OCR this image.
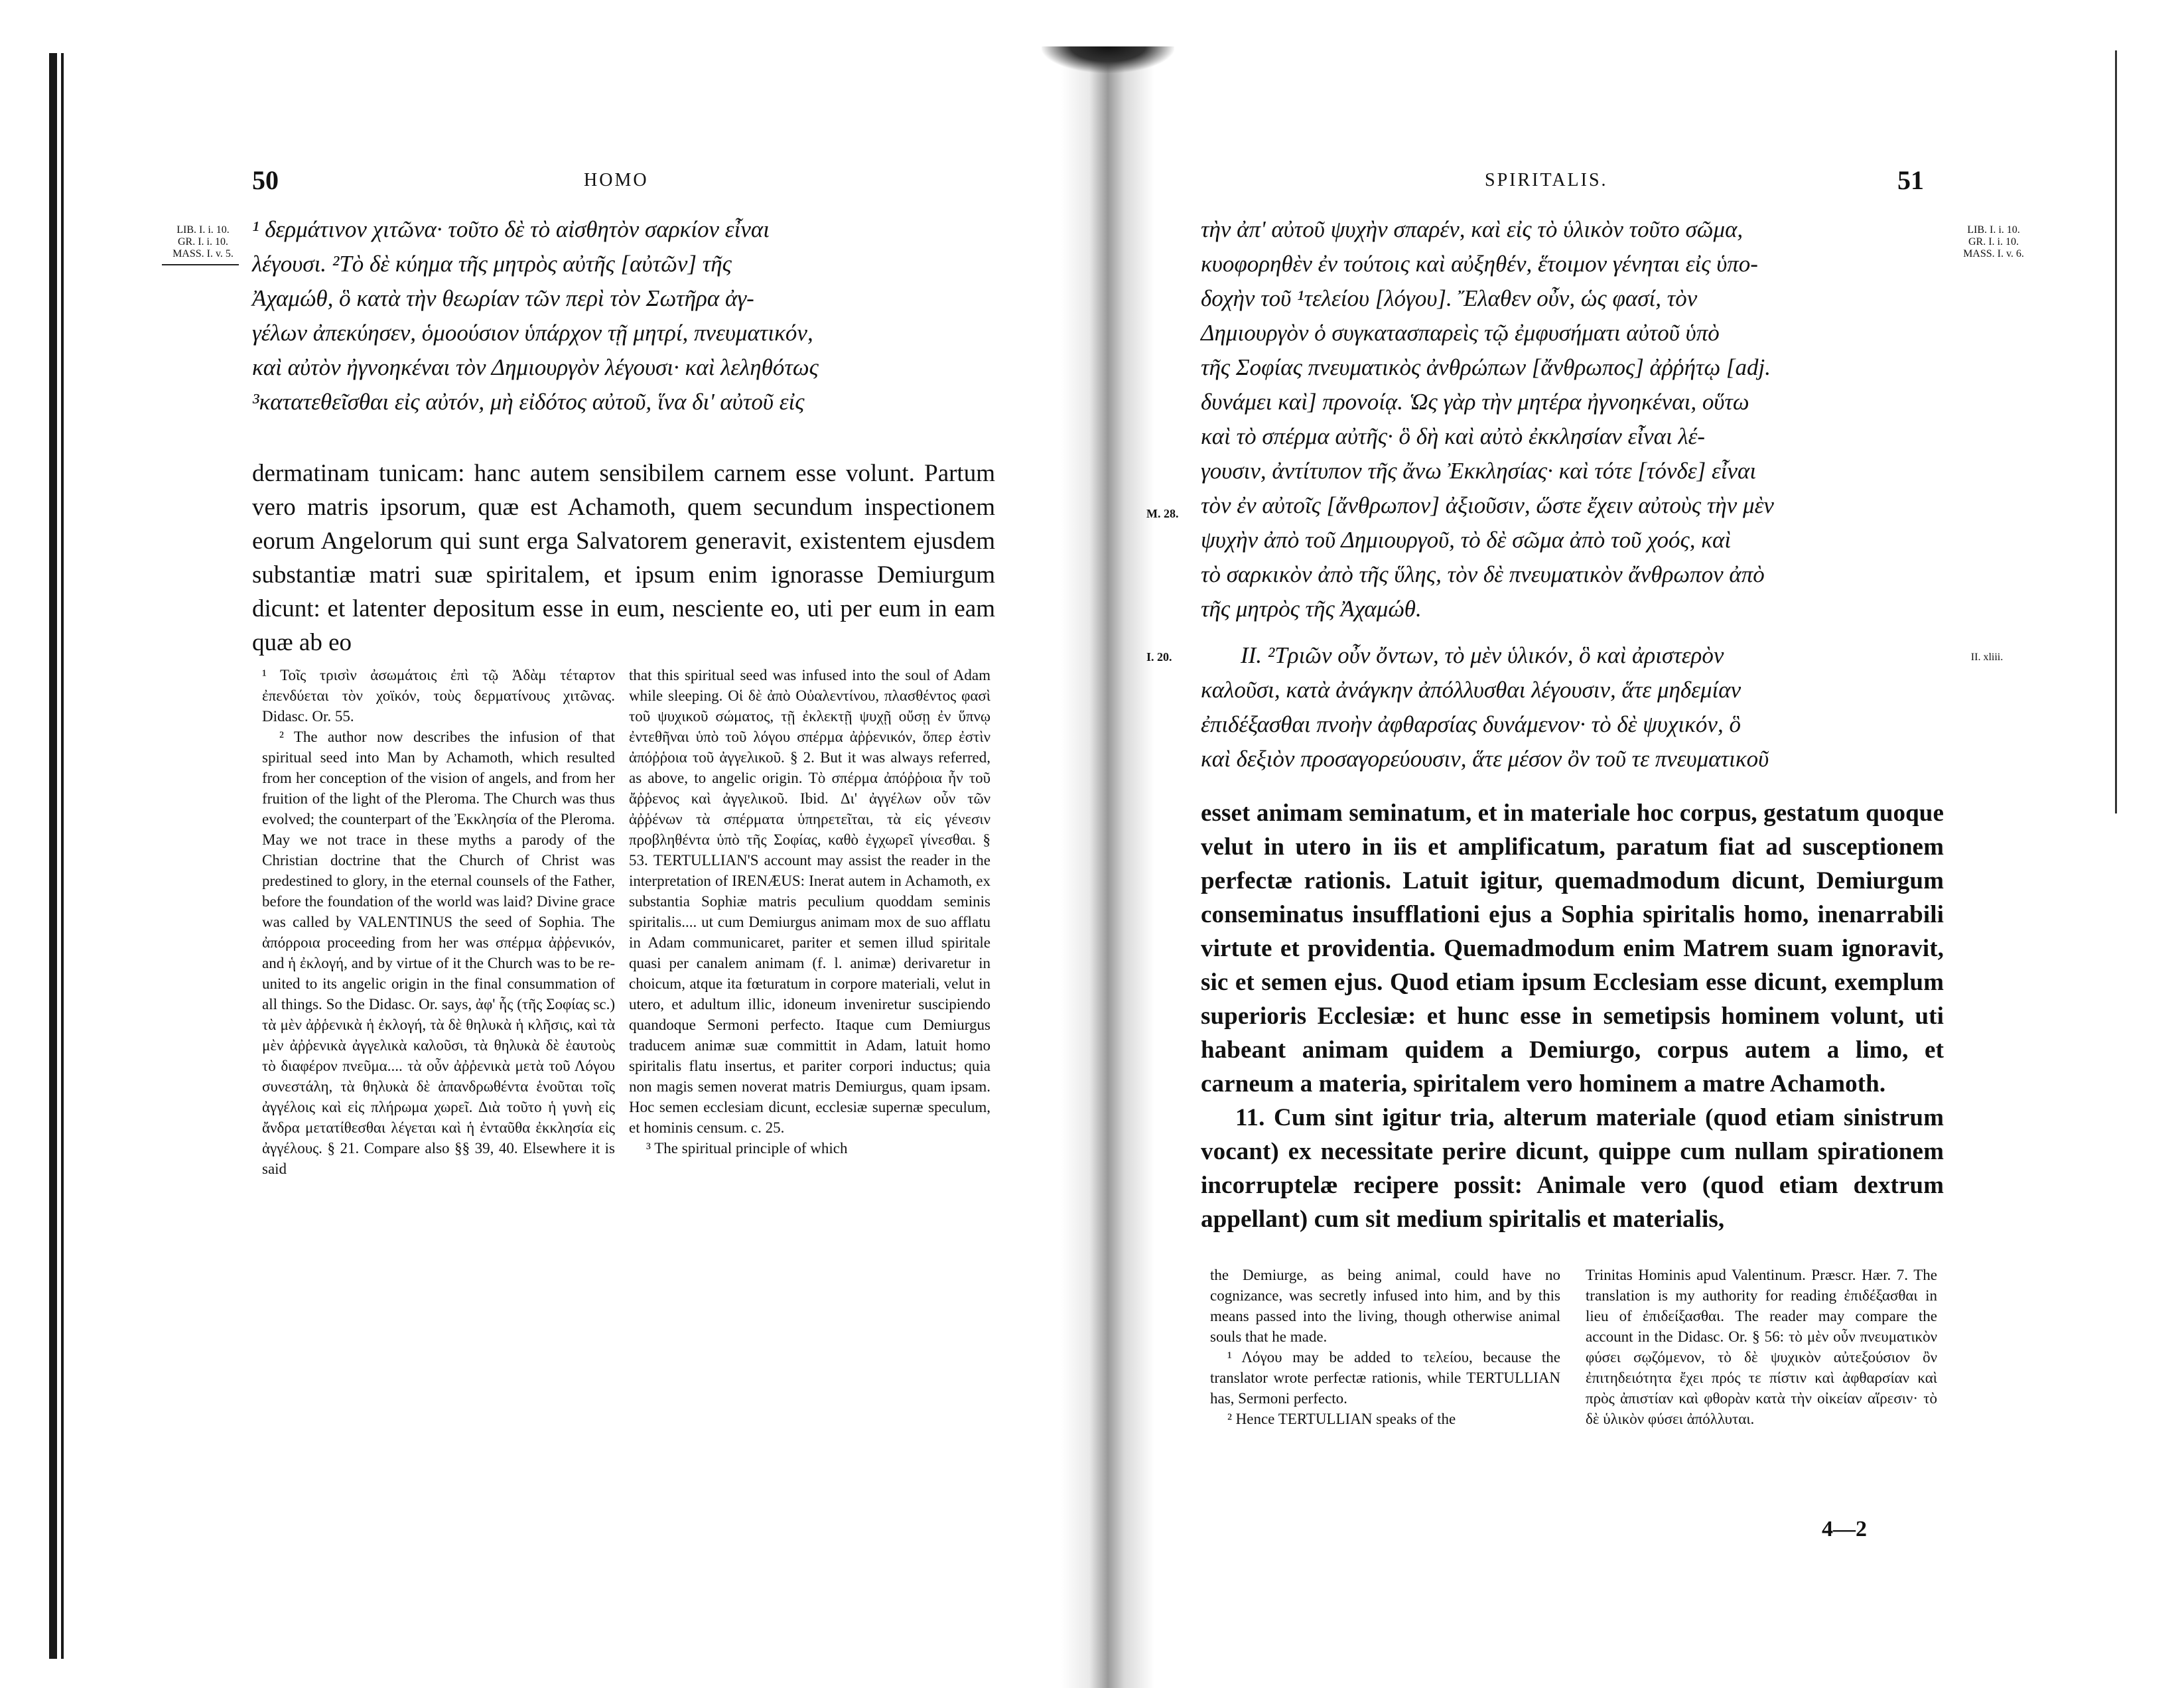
50	HOMO
LIB. I. i. 10.
GR. I. i. 10.
MASS. I. v. 5.
¹ δερμάτινον χιτῶνα· τοῦτο δὲ τὸ αἰσθητὸν σαρκίον εἶναι
λέγουσι. ²Τὸ δὲ κύημα τῆς μητρὸς αὐτῆς [αὐτῶν] τῆς
Ἀχαμώθ, ὃ κατὰ τὴν θεωρίαν τῶν περὶ τὸν Σωτῆρα ἀγ-
γέλων ἀπεκύησεν, ὁμοούσιον ὑπάρχον τῇ μητρί, πνευματικόν,
καὶ αὐτὸν ἠγνοηκέναι τὸν Δημιουργὸν λέγουσι· καὶ λεληθότως
³κατατεθεῖσθαι εἰς αὐτόν, μὴ εἰδότος αὐτοῦ, ἵνα δι' αὐτοῦ εἰς

dermatinam tunicam: hanc autem sensibilem carnem esse volunt. Partum vero matris ipsorum, quæ est Achamoth, quem secundum inspectionem eorum Angelorum qui sunt erga Salvatorem generavit, existentem ejusdem substantiæ matri suæ spiritalem, et ipsum enim ignorasse Demiurgum dicunt: et latenter depositum esse in eum, nesciente eo, uti per eum in eam quæ ab eo

¹ Τοῖς τρισὶν ἀσωμάτοις ἐπὶ τῷ Ἀδὰμ τέταρτον ἐπενδύεται τὸν χοϊκόν, τοὺς δερματίνους χιτῶνας. Didasc. Or. 55.

² The author now describes the infusion of that spiritual seed into Man by Achamoth, which resulted from her conception of the vision of angels, and from her fruition of the light of the Pleroma. The Church was thus evolved; the counterpart of the Ἐκκλησία of the Pleroma. May we not trace in these myths a parody of the Christian doctrine that the Church of Christ was predestined to glory, in the eternal counsels of the Father, before the foundation of the world was laid? Divine grace was called by VALENTINUS the seed of Sophia. The ἀπόρροια proceeding from her was σπέρμα ἀῤῥενικόν, and ἡ ἐκλογή, and by virtue of it the Church was to be re-united to its angelic origin in the final consummation of all things. So the Didasc. Or. says, ἀφ' ἧς (τῆς Σοφίας sc.) τὰ μὲν ἀῤῥενικὰ ἡ ἐκλογή, τὰ δὲ θηλυκὰ ἡ κλῆσις, καὶ τὰ μὲν ἀῤῥενικὰ ἀγγελικὰ καλοῦσι, τὰ θηλυκὰ δὲ ἑαυτοὺς τὸ διαφέρον πνεῦμα.... τὰ οὖν ἀῤῥενικὰ μετὰ τοῦ Λόγου συνεστάλη, τὰ θηλυκὰ δὲ ἀπανδρωθέντα ἑνοῦται τοῖς ἀγγέλοις καὶ εἰς πλήρωμα χωρεῖ. Διὰ τοῦτο ἡ γυνὴ εἰς ἄνδρα μετατίθεσθαι λέγεται καὶ ἡ ἐνταῦθα ἐκκλησία εἰς ἀγγέλους. § 21. Compare also §§ 39, 40. Elsewhere it is said

that this spiritual seed was infused into the soul of Adam while sleeping. Οἱ δὲ ἀπὸ Οὐαλεντίνου, πλασθέντος φασὶ τοῦ ψυχικοῦ σώματος, τῇ ἐκλεκτῇ ψυχῇ οὔσῃ ἐν ὕπνῳ ἐντεθῆναι ὑπὸ τοῦ λόγου σπέρμα ἀῤῥενικόν, ὅπερ ἐστὶν ἀπόῤῥοια τοῦ ἀγγελικοῦ. § 2. But it was always referred, as above, to angelic origin. Τὸ σπέρμα ἀπόῤῥοια ἦν τοῦ ἄῤῥενος καὶ ἀγγελικοῦ. Ibid. Δι' ἀγγέλων οὖν τῶν ἀῤῥένων τὰ σπέρματα ὑπηρετεῖται, τὰ εἰς γένεσιν προβληθέντα ὑπὸ τῆς Σοφίας, καθὸ ἐγχωρεῖ γίνεσθαι. § 53. TERTULLIAN'S account may assist the reader in the interpretation of IRENÆUS: Inerat autem in Achamoth, ex substantia Sophiæ matris peculium quoddam seminis spiritalis.... ut cum Demiurgus animam mox de suo afflatu in Adam communicaret, pariter et semen illud spiritale quasi per canalem animam (f. l. animæ) derivaretur in choicum, atque ita fœturatum in corpore materiali, velut in utero, et adultum illic, idoneum inveniretur suscipiendo quandoque Sermoni perfecto. Itaque cum Demiurgus traducem animæ suæ committit in Adam, latuit homo spiritalis flatu insertus, et pariter corpori inductus; quia non magis semen noverat matris Demiurgus, quam ipsam. Hoc semen ecclesiam dicunt, ecclesiæ supernæ speculum, et hominis censum. c. 25.

³ The spiritual principle of which

SPIRITALIS.	51
LIB. I. i. 10.
GR. I. i. 10.
MASS. I. v. 6.
M. 28.
Ι. 20.	II. xliii.
τὴν ἀπ' αὐτοῦ ψυχὴν σπαρέν, καὶ εἰς τὸ ὑλικὸν τοῦτο σῶμα,
κυοφορηθὲν ἐν τούτοις καὶ αὐξηθέν, ἕτοιμον γένηται εἰς ὑπο-
δοχὴν τοῦ ¹τελείου [λόγου]. Ἔλαθεν οὖν, ὡς φασί, τὸν
Δημιουργὸν ὁ συγκατασπαρεὶς τῷ ἐμφυσήματι αὐτοῦ ὑπὸ
τῆς Σοφίας πνευματικὸς ἀνθρώπων [ἄνθρωπος] ἀῤῥήτῳ [adj.
δυνάμει καὶ] προνοίᾳ. Ὡς γὰρ τὴν μητέρα ἠγνοηκέναι, οὕτω
καὶ τὸ σπέρμα αὐτῆς· ὃ δὴ καὶ αὐτὸ ἐκκλησίαν εἶναι λέ-
γουσιν, ἀντίτυπον τῆς ἄνω Ἐκκλησίας· καὶ τότε [τόνδε] εἶναι
τὸν ἐν αὐτοῖς [ἄνθρωπον] ἀξιοῦσιν, ὥστε ἔχειν αὐτοὺς τὴν μὲν
ψυχὴν ἀπὸ τοῦ Δημιουργοῦ, τὸ δὲ σῶμα ἀπὸ τοῦ χοός, καὶ
τὸ σαρκικὸν ἀπὸ τῆς ὕλης, τὸν δὲ πνευματικὸν ἄνθρωπον ἀπὸ
τῆς μητρὸς τῆς Ἀχαμώθ.
ΙΙ. ²Τριῶν οὖν ὄντων, τὸ μὲν ὑλικόν, ὃ καὶ ἀριστερὸν
καλοῦσι, κατὰ ἀνάγκην ἀπόλλυσθαι λέγουσιν, ἅτε μηδεμίαν
ἐπιδέξασθαι πνοὴν ἀφθαρσίας δυνάμενον· τὸ δὲ ψυχικόν, ὃ
καὶ δεξιὸν προσαγορεύουσιν, ἅτε μέσον ὂν τοῦ τε πνευματικοῦ

esset animam seminatum, et in materiale hoc corpus, gestatum quoque velut in utero in iis et amplificatum, paratum fiat ad susceptionem perfectæ rationis. Latuit igitur, quemadmodum dicunt, Demiurgum conseminatus insufflationi ejus a Sophia spiritalis homo, inenarrabili virtute et providentia. Quemadmodum enim Matrem suam ignoravit, sic et semen ejus. Quod etiam ipsum Ecclesiam esse dicunt, exemplum superioris Ecclesiæ: et hunc esse in semetipsis hominem volunt, uti habeant animam quidem a Demiurgo, corpus autem a limo, et carneum a materia, spiritalem vero hominem a matre Achamoth.

11. Cum sint igitur tria, alterum materiale (quod etiam sinistrum vocant) ex necessitate perire dicunt, quippe cum nullam spirationem incorruptelæ recipere possit: Animale vero (quod etiam dextrum appellant) cum sit medium spiritalis et materialis,

the Demiurge, as being animal, could have no cognizance, was secretly infused into him, and by this means passed into the living, though otherwise animal souls that he made.

¹ Λόγου may be added to τελείου, because the translator wrote perfectæ rationis, while TERTULLIAN has, Sermoni perfecto.

² Hence TERTULLIAN speaks of the

Trinitas Hominis apud Valentinum. Præscr. Hær. 7. The translation is my authority for reading ἐπιδέξασθαι in lieu of ἐπιδείξασθαι. The reader may compare the account in the Didasc. Or. § 56: τὸ μὲν οὖν πνευματικὸν φύσει σῳζόμενον, τὸ δὲ ψυχικὸν αὐτεξούσιον ὂν ἐπιτηδειότητα ἔχει πρός τε πίστιν καὶ ἀφθαρσίαν καὶ πρὸς ἀπιστίαν καὶ φθορὰν κατὰ τὴν οἰκείαν αἵρεσιν· τὸ δὲ ὑλικὸν φύσει ἀπόλλυται.

4—2
